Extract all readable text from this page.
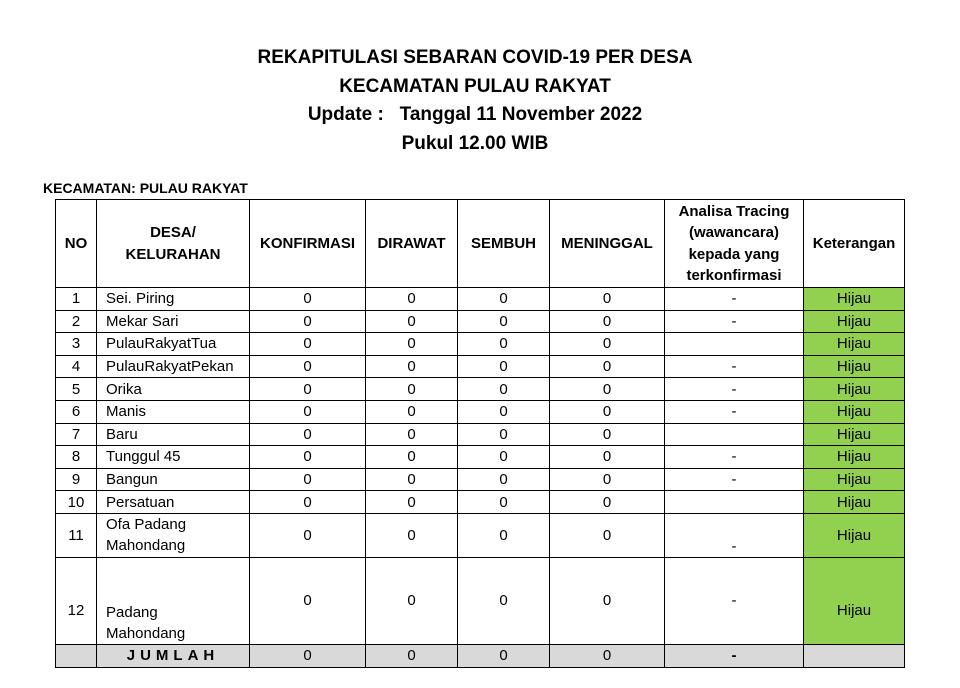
REKAPITULASI SEBARAN COVID-19 PER DESA
KECAMATAN PULAU RAKYAT
Update :   Tanggal 11 November 2022
Pukul 12.00 WIB
KECAMATAN: PULAU RAKYAT
NO	DESA/
KELURAHAN	KONFIRMASI	DIRAWAT	SEMBUH	MENINGGAL	Analisa Tracing
(wawancara)
kepada yang
terkonfirmasi	Keterangan
1	Sei. Piring	0	0	0	0	-	Hijau
2	Mekar Sari	0	0	0	0	-	Hijau
3	PulauRakyatTua	0	0	0	0		Hijau
4	PulauRakyatPekan	0	0	0	0	-	Hijau
5	Orika	0	0	0	0	-	Hijau
6	Manis	0	0	0	0	-	Hijau
7	Baru	0	0	0	0		Hijau
8	Tunggul 45	0	0	0	0	-	Hijau
9	Bangun	0	0	0	0	-	Hijau
10	Persatuan	0	0	0	0		Hijau
11	Ofa Padang
Mahondang	0	0	0	0	-	Hijau
12	Padang
Mahondang	0	0	0	0	-	Hijau
	JUMLAH	0	0	0	0	-	
